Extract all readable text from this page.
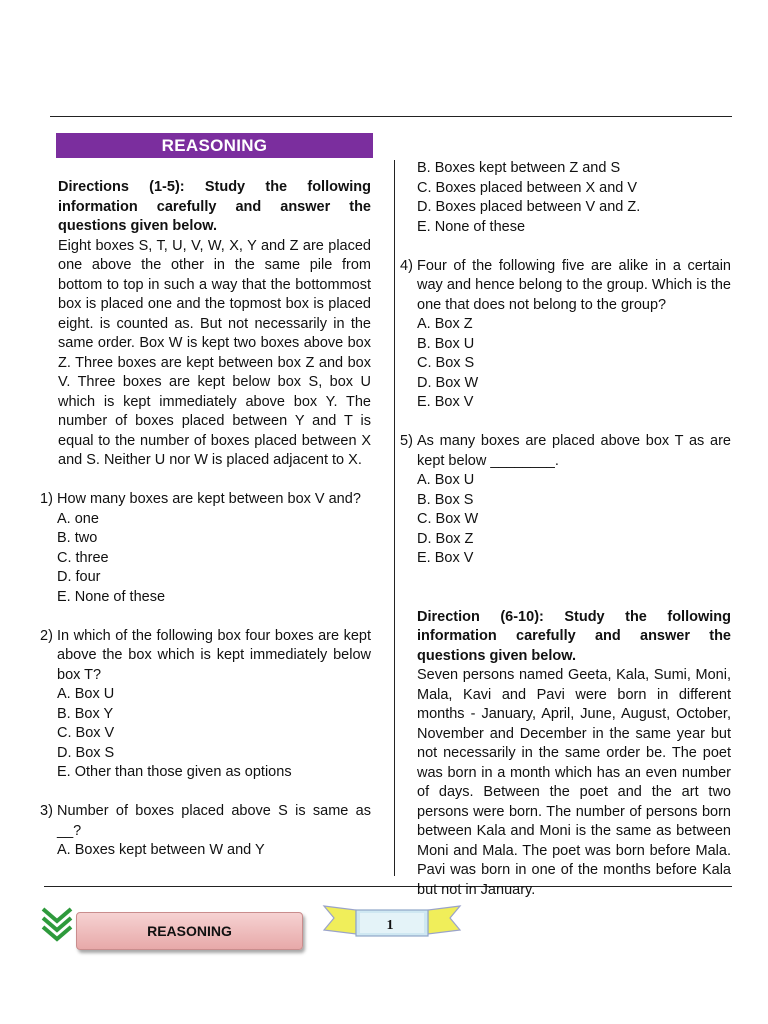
REASONING

Directions (1-5): Study the following information carefully and answer the questions given below.

Eight boxes S, T, U, V, W, X, Y and Z are placed one above the other in the same pile from bottom to top in such a way that the bottommost box is placed one and the topmost box is placed eight. is counted as. But not necessarily in the same order. Box W is kept two boxes above box Z. Three boxes are kept between box Z and box V. Three boxes are kept below box S, box U which is kept immediately above box Y. The number of boxes placed between Y and T is equal to the number of boxes placed between X and S. Neither U nor W is placed adjacent to X.

1) How many boxes are kept between box V and?

A. one

B. two

C. three

D. four

E. None of these

2) In which of the following box four boxes are kept above the box which is kept immediately below box T?

A. Box U

B. Box Y

C. Box V

D. Box S

E. Other than those given as options

3) Number of boxes placed above S is same as __?

A. Boxes kept between W and Y

B. Boxes kept between Z and S

C. Boxes placed between X and V

D. Boxes placed between V and Z.

E. None of these

4) Four of the following five are alike in a certain way and hence belong to the group. Which is the one that does not belong to the group?

A. Box Z

B. Box U

C. Box S

D. Box W

E. Box V

5) As many boxes are placed above box T as are kept below ________.

A. Box U

B. Box S

C. Box W

D. Box Z

E. Box V

Direction (6-10): Study the following information carefully and answer the questions given below.

Seven persons named Geeta, Kala, Sumi, Moni, Mala, Kavi and Pavi were born in different months - January, April, June, August, October, November and December in the same year but not necessarily in the same order be. The poet was born in a month which has an even number of days. Between the poet and the art two persons were born. The number of persons born between Kala and Moni is the same as between Moni and Mala. The poet was born before Mala. Pavi was born in one of the months before Kala but not in January.

REASONING	1
